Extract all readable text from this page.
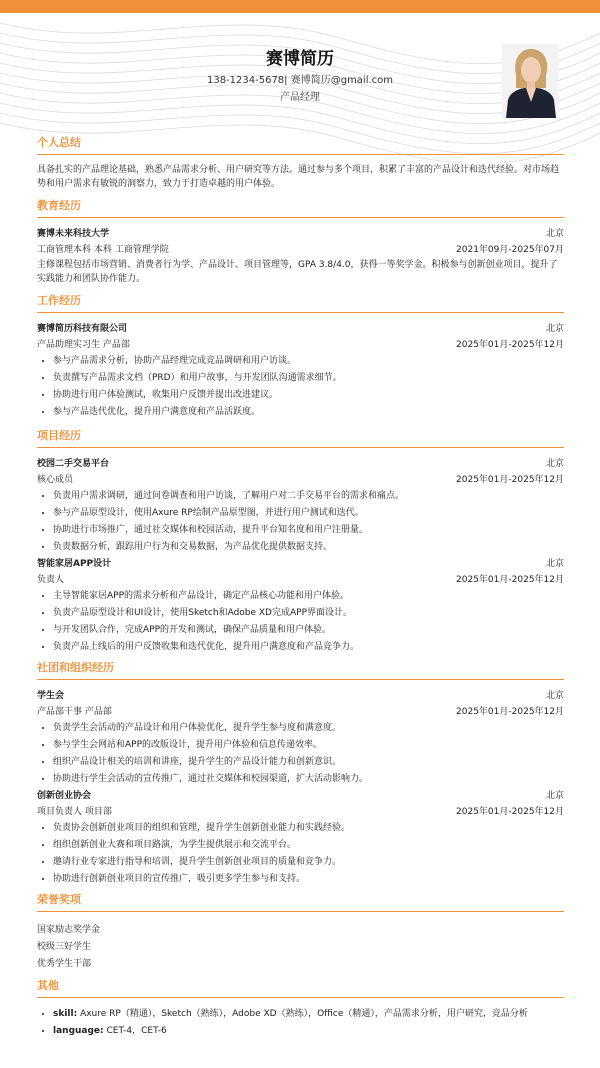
赛博简历
138-1234-5678| 赛博简历@gmail.com
产品经理
个人总结
具备扎实的产品理论基础，熟悉产品需求分析、用户研究等方法。通过参与多个项目，积累了丰富的产品设计和迭代经验。对市场趋势和用户需求有敏锐的洞察力，致力于打造卓越的用户体验。
教育经历
赛博未来科技大学	北京
工商管理本科 本科 工商管理学院	2021年09月-2025年07月
主修课程包括市场营销、消费者行为学、产品设计、项目管理等，GPA 3.8/4.0，获得一等奖学金。积极参与创新创业项目，提升了实践能力和团队协作能力。
工作经历
赛博简历科技有限公司	北京
产品助理实习生 产品部	2025年01月-2025年12月
• 参与产品需求分析，协助产品经理完成竞品调研和用户访谈。
• 负责撰写产品需求文档（PRD）和用户故事，与开发团队沟通需求细节。
• 协助进行用户体验测试，收集用户反馈并提出改进建议。
• 参与产品迭代优化，提升用户满意度和产品活跃度。
项目经历
校园二手交易平台	北京
核心成员	2025年01月-2025年12月
• 负责用户需求调研，通过问卷调查和用户访谈，了解用户对二手交易平台的需求和痛点。
• 参与产品原型设计，使用Axure RP绘制产品原型图，并进行用户测试和迭代。
• 协助进行市场推广，通过社交媒体和校园活动，提升平台知名度和用户注册量。
• 负责数据分析，跟踪用户行为和交易数据，为产品优化提供数据支持。
智能家居APP设计	北京
负责人	2025年01月-2025年12月
• 主导智能家居APP的需求分析和产品设计，确定产品核心功能和用户体验。
• 负责产品原型设计和UI设计，使用Sketch和Adobe XD完成APP界面设计。
• 与开发团队合作，完成APP的开发和测试，确保产品质量和用户体验。
• 负责产品上线后的用户反馈收集和迭代优化，提升用户满意度和产品竞争力。
社团和组织经历
学生会	北京
产品部干事 产品部	2025年01月-2025年12月
• 负责学生会活动的产品设计和用户体验优化，提升学生参与度和满意度。
• 参与学生会网站和APP的改版设计，提升用户体验和信息传递效率。
• 组织产品设计相关的培训和讲座，提升学生的产品设计能力和创新意识。
• 协助进行学生会活动的宣传推广，通过社交媒体和校园渠道，扩大活动影响力。
创新创业协会	北京
项目负责人 项目部	2025年01月-2025年12月
• 负责协会创新创业项目的组织和管理，提升学生创新创业能力和实践经验。
• 组织创新创业大赛和项目路演，为学生提供展示和交流平台。
• 邀请行业专家进行指导和培训，提升学生创新创业项目的质量和竞争力。
• 协助进行创新创业项目的宣传推广，吸引更多学生参与和支持。
荣誉奖项
国家励志奖学金
校级三好学生
优秀学生干部
其他
• skill: Axure RP（精通），Sketch（熟练），Adobe XD（熟练），Office（精通），产品需求分析，用户研究，竞品分析
• language: CET-4，CET-6
